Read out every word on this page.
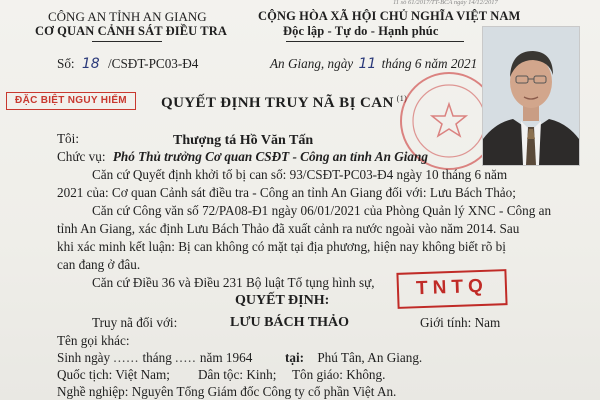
11 số 61/2017/TT-BCA ngày 14/12/2017
CÔNG AN TỈNH AN GIANG
CƠ QUAN CẢNH SÁT ĐIỀU TRA
CỘNG HÒA XÃ HỘI CHỦ NGHĨA VIỆT NAM
Độc lập - Tự do - Hạnh phúc
Số: 18 /CSĐT-PC03-Đ4	An Giang, ngày 11 tháng 6 năm 2021
ĐẶC BIỆT NGUY HIỂM	QUYẾT ĐỊNH TRUY NÃ BỊ CAN $^{(1)}$
Tôi:	Thượng tá Hồ Văn Tấn
Chức vụ: Phó Thủ trưởng Cơ quan CSĐT - Công an tỉnh An Giang
Căn cứ Quyết định khởi tố bị can số: 93/CSĐT-PC03-Đ4 ngày 10 tháng 6 năm
2021 của: Cơ quan Cảnh sát điều tra - Công an tỉnh An Giang đối với: Lưu Bách Thảo;
Căn cứ Công văn số 72/PA08-Đ1 ngày 06/01/2021 của Phòng Quản lý XNC - Công an
tỉnh An Giang, xác định Lưu Bách Thảo đã xuất cảnh ra nước ngoài vào năm 2014. Sau
khi xác minh kết luận: Bị can không có mặt tại địa phương, hiện nay không biết rõ bị
can đang ở đâu.
Căn cứ Điều 36 và Điều 231 Bộ luật Tố tụng hình sự,	TNTQ
QUYẾT ĐỊNH:
Truy nã đối với:	LƯU BÁCH THẢO	Giới tính: Nam
Tên gọi khác:
Sinh ngày ...... tháng ..... năm 1964 tại: Phú Tân, An Giang.
Quốc tịch: Việt Nam; Dân tộc: Kinh; Tôn giáo: Không.
Nghề nghiệp: Nguyên Tổng Giám đốc Công ty cổ phần Việt An.
